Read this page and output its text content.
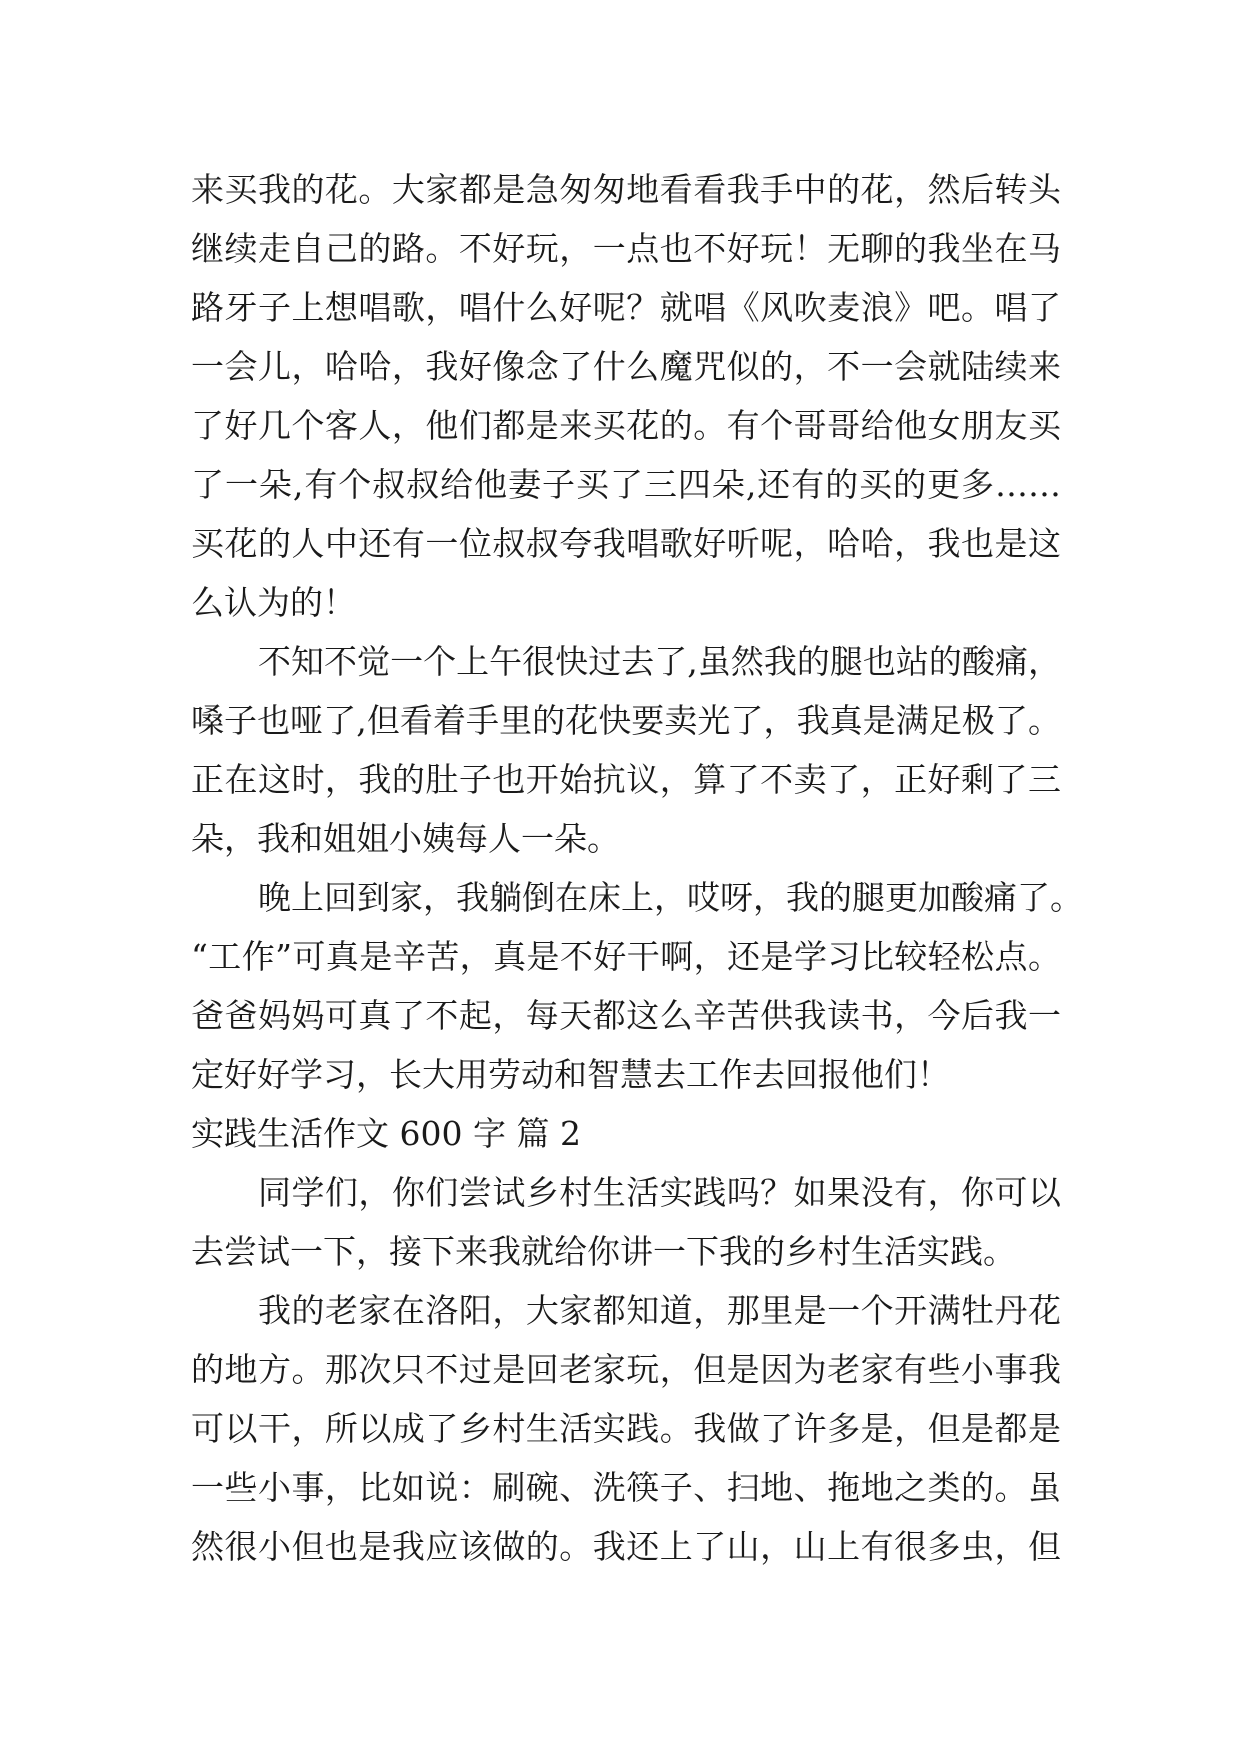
来买我的花。大家都是急匆匆地看看我手中的花，然后转头
继续走自己的路。不好玩，一点也不好玩！无聊的我坐在马
路牙子上想唱歌，唱什么好呢？就唱《风吹麦浪》吧。唱了
一会儿，哈哈，我好像念了什么魔咒似的，不一会就陆续来
了好几个客人，他们都是来买花的。有个哥哥给他女朋友买
了一朵,有个叔叔给他妻子买了三四朵,还有的买的更多……
买花的人中还有一位叔叔夸我唱歌好听呢，哈哈，我也是这
么认为的！
不知不觉一个上午很快过去了,虽然我的腿也站的酸痛，
嗓子也哑了,但看着手里的花快要卖光了，我真是满足极了。
正在这时，我的肚子也开始抗议，算了不卖了，正好剩了三
朵，我和姐姐小姨每人一朵。
晚上回到家，我躺倒在床上，哎呀，我的腿更加酸痛了。
“工作”可真是辛苦，真是不好干啊，还是学习比较轻松点。
爸爸妈妈可真了不起，每天都这么辛苦供我读书，今后我一
定好好学习，长大用劳动和智慧去工作去回报他们！
实践生活作文 600 字 篇 2
同学们，你们尝试乡村生活实践吗？如果没有，你可以
去尝试一下，接下来我就给你讲一下我的乡村生活实践。
我的老家在洛阳，大家都知道，那里是一个开满牡丹花
的地方。那次只不过是回老家玩，但是因为老家有些小事我
可以干，所以成了乡村生活实践。我做了许多是，但是都是
一些小事，比如说：刷碗、洗筷子、扫地、拖地之类的。虽
然很小但也是我应该做的。我还上了山，山上有很多虫，但
